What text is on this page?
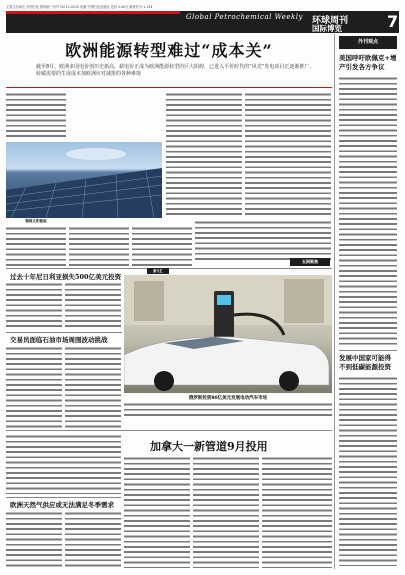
主管主办单位 中国石化 国内统一刊号 CN 11-0125 出版 中国石化出版社 定价 2.00元 邮发代号 1-134
Global Petrochemical Weekly 环球周刊
国际博览	7
欧洲能源转型难过“成本关”
截至8月，欧洲多国电价创历史新高，薪电价正成为欧洲能源转型的巨大阻碍，已进入平价时代的“风光”发电项目正逐渐推广，转碳需要的生成成本加欧洲应对减排的各种难境
德国太阳能板
五洲聚焦
过去十年尼日利亚损失500亿美元投资
新文汇
俄罗斯投资90亿美元发展电动汽车市场
交易员面临石油市场周围波动挑战
加拿大一新管道9月投用
欧洲天然气供应或无法满足冬季需求
外刊观点
美国呼吁欧佩克+增产引发各方争议
发展中国家可能得不到低碳能源投资
